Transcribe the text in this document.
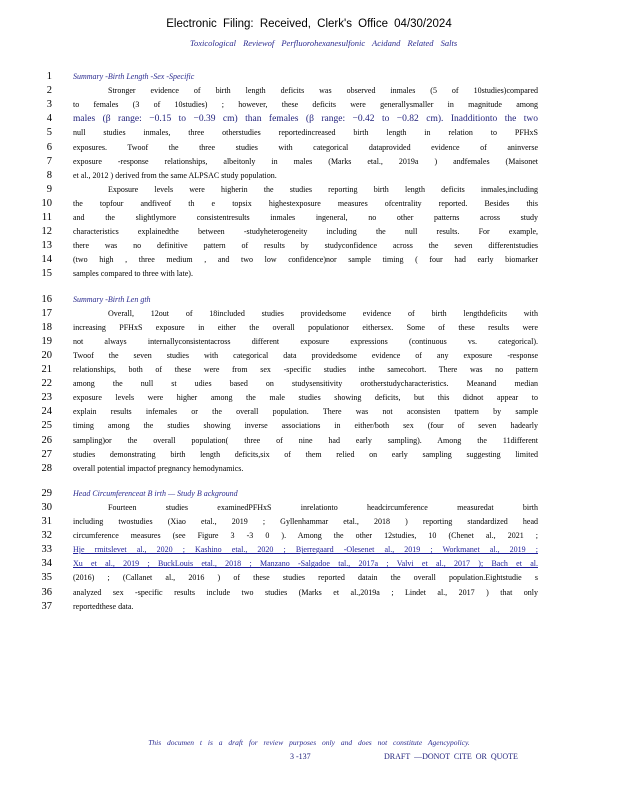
Electronic Filing: Received, Clerk's Office 04/30/2024
Toxicological Reviewof Perfluorohexanesulfonic Acidand Related Salts
1	Summary -Birth Length -Sex -Specific
2	Stronger evidence of birth length deficits was observed inmales (5 of 10studies)compared
3	to females (3 of 10studies) ; however, these deficits were generallysmaller in magnitude among
4 males (β range: −0.15 to −0.39 cm) than females (β range: −0.42 to −0.82 cm). Inadditionto the two
5	null studies inmales, three otherstudies reportedincreased birth length in relation to PFHxS
6	exposures. Twoof the three studies with categorical dataprovided evidence of aninverse
7	exposure -response relationships, albeitonly in males (Marks etal., 2019a ) andfemales (Maisonet
8	et al., 2012 ) derived from the same ALPSAC study population.
9	Exposure levels were higherin the studies reporting birth length deficits inmales,including
10	the topfour andfiveof th e topsix highestexposure measures ofcentrality reported. Besides this
11	and the slightlymore consistentresults inmales ingeneral, no other patterns across study
12	characteristics explainedthe between -studyheterogeneity including the null results. For example,
13	there was no definitive pattern of results by studyconfidence across the seven differentstudies
14	(two high , three medium , and two low confidence)nor sample timing ( four had early biomarker
15	samples compared to three with late).
16	Summary -Birth Len gth
17	Overall, 12out of 18included studies providedsome evidence of birth lengthdeficits with
18	increasing PFHxS exposure in either the overall populationor eithersex. Some of these results were
19	not always internallyconsistentacross different exposure expressions (continuous vs. categorical).
20	Twoof the seven studies with categorical data providedsome evidence of any exposure -response
21	relationships, both of these were from sex -specific studies inthe samecohort. There was no pattern
22	among the null st udies based on studysensitivity orotherstudycharacteristics. Meanand median
23	exposure levels were higher among the male studies showing deficits, but this didnot appear to
24	explain results infemales or the overall population. There was not aconsisten tpattern by sample
25	timing among the studies showing inverse associations in either/both sex (four of seven hadearly
26	sampling)or the overall population( three of nine had early sampling). Among the 11different
27	studies demonstrating birth length deficits,six of them relied on early sampling suggesting limited
28	overall potential impactof pregnancy hemodynamics.
29	Head Circumferenceat B irth — Study B ackground
30	Fourteen studies examinedPFHxS inrelationto headcircumference measuredat birth
31	including twostudies (Xiao etal., 2019 ; Gyllenhammar etal., 2018 ) reporting standardized head
32	circumference measures (see Figure 3 -3 0 ). Among the other 12studies, 10 (Chenet al., 2021 ;
33	Hje rmitslevet al., 2020 ; Kashino etal., 2020 ; Bjerregaard -Olesenet al., 2019 ; Workmanet al., 2019 ;
34	Xu et al., 2019 ; BuckLouis etal., 2018 ; Manzano -Salgadoe tal., 2017a ; Valvi et al., 2017 ); Bach et al.
35	(2016) ; (Callanet al., 2016 ) of these studies reported datain the overall population.Eightstudie s
36	analyzed sex -specific results include two studies (Marks et al.,2019a ; Lindet al., 2017 ) that only
37	reportedthese data.
This documen t is a draft for review purposes only and does not constitute Agencypolicy.
3 -137	DRAFT —DONOT CITE OR QUOTE
